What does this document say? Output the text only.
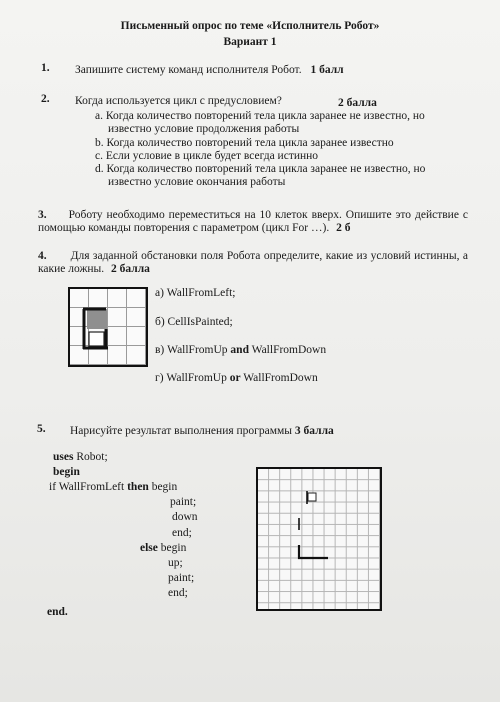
Письменный опрос по теме «Исполнитель Робот»
Вариант 1
1. Запишите систему команд исполнителя Робот. 1 балл
2. Когда используется цикл с предусловием?	2 балла
a. Когда количество повторений тела цикла заранее не известно, но
известно условие продолжения работы
b. Когда количество повторений тела цикла заранее известно
c. Если условие в цикле будет всегда истинно
d. Когда количество повторений тела цикла заранее не известно, но
известно условие окончания работы
3. Роботу необходимо переместиться на 10 клеток вверх. Опишите это действие с помощью команды повторения с параметром (цикл For …). 2 б
4. Для заданной обстановки поля Робота определите, какие из условий истинны, а какие ложны. 2 балла
а) WallFromLeft;
б) CellIsPainted;
в) WallFromUp and WallFromDown
г) WallFromUp or WallFromDown
5. Нарисуйте результат выполнения программы 3 балла
uses Robot;
begin
if WallFromLeft then begin
paint;
down
end;
else begin
up;
paint;
end;
end.
